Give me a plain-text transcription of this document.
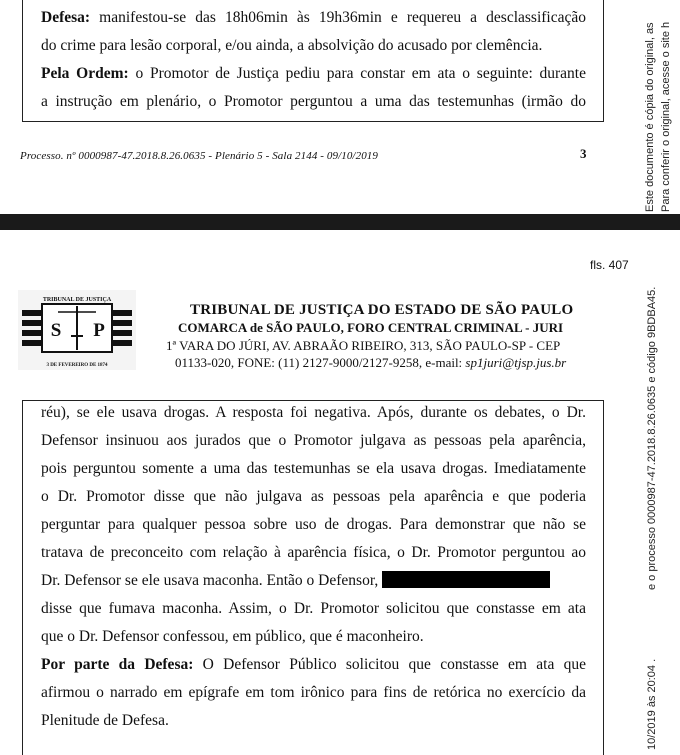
Defesa: manifestou-se das 18h06min às 19h36min e requereu a desclassificação
do crime para lesão corporal, e/ou ainda, a absolvição do acusado por clemência.
Pela Ordem: o Promotor de Justiça pediu para constar em ata o seguinte: durante
a instrução em plenário, o Promotor perguntou a uma das testemunhas (irmão do
Processo. nº 0000987-47.2018.8.26.0635 - Plenário 5 - Sala 2144 - 09/10/2019	3	Este documento é cópia do original, as Para conferir o original, acesse o site h
fls. 407
TRIBUNAL DE JUSTIÇA
S P
3 DE FEVEREIRO DE 1874
TRIBUNAL DE JUSTIÇA DO ESTADO DE SÃO PAULO
COMARCA de SÃO PAULO, FORO CENTRAL CRIMINAL - JURI
1ª VARA DO JÚRI, AV. ABRAÃO RIBEIRO, 313, SÃO PAULO-SP - CEP
01133-020, FONE: (11) 2127-9000/2127-9258, e-mail: sp1juri@tjsp.jus.br
réu), se ele usava drogas. A resposta foi negativa. Após, durante os debates, o Dr.
Defensor insinuou aos jurados que o Promotor julgava as pessoas pela aparência,
pois perguntou somente a uma das testemunhas se ela usava drogas. Imediatamente
o Dr. Promotor disse que não julgava as pessoas pela aparência e que poderia
perguntar para qualquer pessoa sobre uso de drogas. Para demonstrar que não se
tratava de preconceito com relação à aparência física, o Dr. Promotor perguntou ao
Dr. Defensor se ele usava maconha. Então o Defensor,
disse que fumava maconha. Assim, o Dr. Promotor solicitou que constasse em ata
que o Dr. Defensor confessou, em público, que é maconheiro.
Por parte da Defesa: O Defensor Público solicitou que constasse em ata que
afirmou o narrado em epígrafe em tom irônico para fins de retórica no exercício da
Plenitude de Defesa.
e o processo 0000987-47.2018.8.26.0635 e código 9BDBA45.
10/2019 às 20:04 .
